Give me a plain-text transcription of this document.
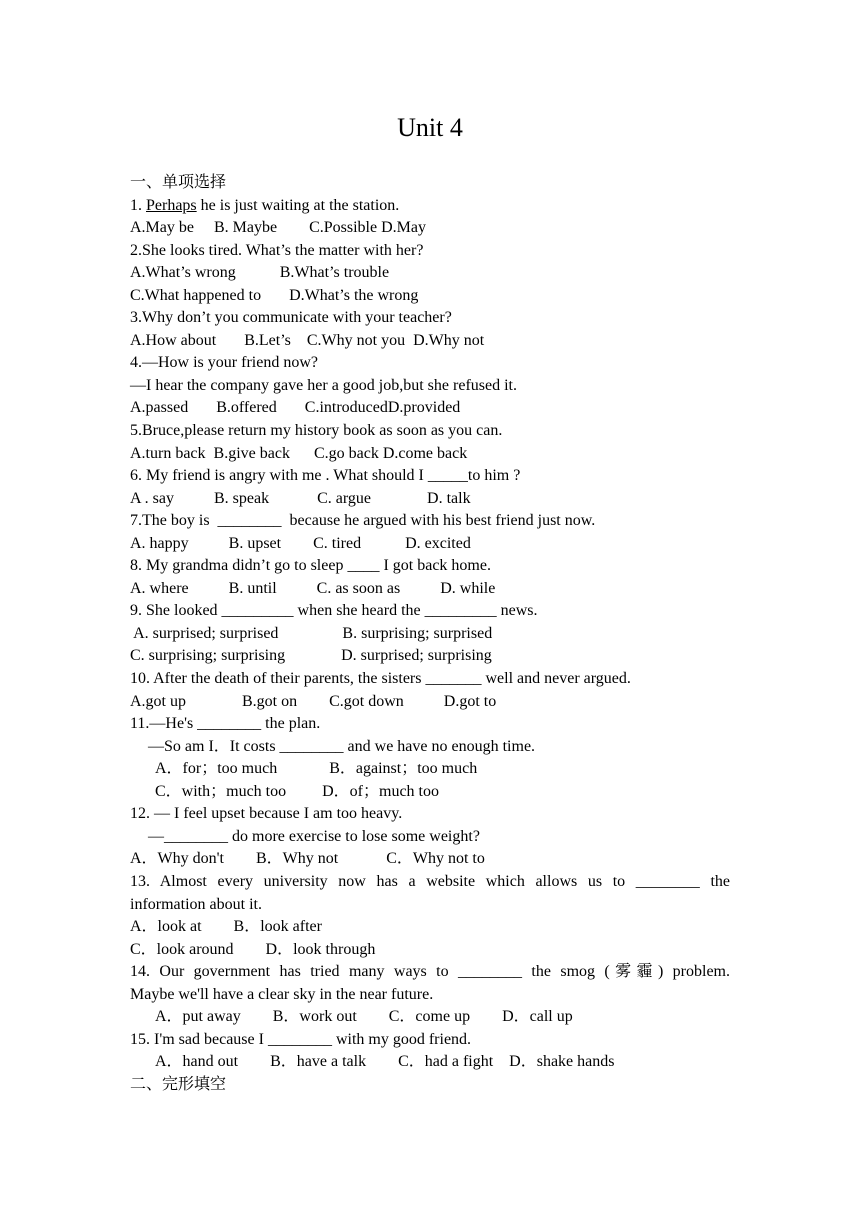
Unit 4
一、单项选择
1. Perhaps he is just waiting at the station.
A.May be     B. Maybe        C.Possible D.May
2.She looks tired. What’s the matter with her?
A.What’s wrong           B.What’s trouble
C.What happened to       D.What’s the wrong
3.Why don’t you communicate with your teacher?
A.How about       B.Let’s    C.Why not you  D.Why not
4.—How is your friend now?
—I hear the company gave her a good job,but she refused it.
A.passed       B.offered       C.introducedD.provided
5.Bruce,please return my history book as soon as you can.
A.turn back  B.give back      C.go back D.come back
6. My friend is angry with me . What should I _____to him ?
A . say          B. speak            C. argue              D. talk
7.The boy is  ________  because he argued with his best friend just now.
A. happy          B. upset        C. tired           D. excited
8. My grandma didn’t go to sleep ____ I got back home.
A. where          B. until          C. as soon as          D. while
9. She looked _________ when she heard the _________ news.
A. surprised; surprised                B. surprising; surprised
C. surprising; surprising              D. surprised; surprising
10. After the death of their parents, the sisters _______ well and never argued.
A.got up              B.got on        C.got down          D.got to
11.—He's ________ the plan.
—So am I．It costs ________ and we have no enough time.
A．for；too much             B．against；too much
C．with；much too         D．of；much too
12. — I feel upset because I am too heavy.
—________ do more exercise to lose some weight?
A．Why don't        B．Why not            C．Why not to
13. Almost every university now has a website which allows us to ________ the
information about it.
A．look at        B．look after
C．look around        D．look through
14. Our government has tried many ways to ________ the smog (雾霾) problem.
Maybe we'll have a clear sky in the near future.
A．put away        B．work out        C．come up        D．call up
15. I'm sad because I ________ with my good friend.
A．hand out        B．have a talk        C．had a fight    D．shake hands
二、完形填空
